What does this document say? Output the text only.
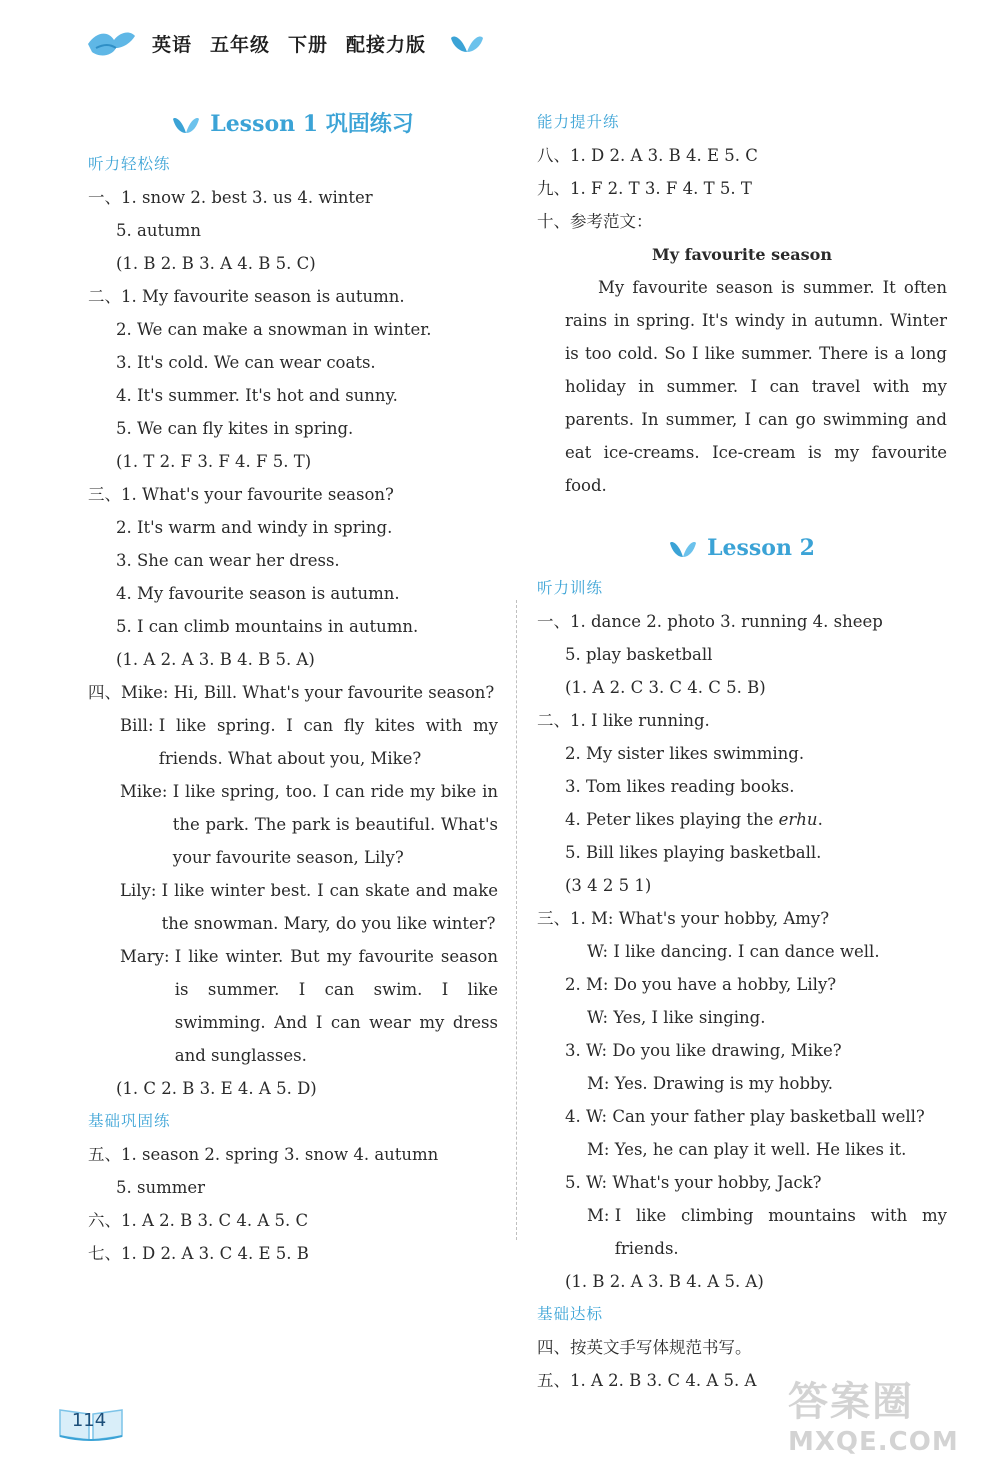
英语 五年级 下册 配接力版
Lesson 1 巩固练习
听力轻松练
一、1. snow 2. best 3. us 4. winter
5. autumn
(1. B 2. B 3. A 4. B 5. C)
二、1. My favourite season is autumn.
2. We can make a snowman in winter.
3. It's cold. We can wear coats.
4. It's summer. It's hot and sunny.
5. We can fly kites in spring.
(1. T 2. F 3. F 4. F 5. T)
三、1. What's your favourite season?
2. It's warm and windy in spring.
3. She can wear her dress.
4. My favourite season is autumn.
5. I can climb mountains in autumn.
(1. A 2. A 3. B 4. B 5. A)
四、Mike: Hi, Bill. What's your favourite season?
Bill: I like spring. I can fly kites with my friends. What about you, Mike?
Mike: I like spring, too. I can ride my bike in the park. The park is beautiful. What's your favourite season, Lily?
Lily: I like winter best. I can skate and make the snowman. Mary, do you like winter?
Mary: I like winter. But my favourite season is summer. I can swim. I like swimming. And I can wear my dress and sunglasses.
(1. C 2. B 3. E 4. A 5. D)
基础巩固练
五、1. season 2. spring 3. snow 4. autumn
5. summer
六、1. A 2. B 3. C 4. A 5. C
七、1. D 2. A 3. C 4. E 5. B
能力提升练
八、1. D 2. A 3. B 4. E 5. C
九、1. F 2. T 3. F 4. T 5. T
十、参考范文：
My favourite season

My favourite season is summer. It often rains in spring. It's windy in autumn. Winter is too cold. So I like summer. There is a long holiday in summer. I can travel with my parents. In summer, I can go swimming and eat ice-creams. Ice-cream is my favourite food.

Lesson 2
听力训练
一、1. dance 2. photo 3. running 4. sheep
5. play basketball
(1. A 2. C 3. C 4. C 5. B)
二、1. I like running.
2. My sister likes swimming.
3. Tom likes reading books.
4. Peter likes playing the erhu.
5. Bill likes playing basketball.
(3 4 2 5 1)
三、1. M: What's your hobby, Amy?
W: I like dancing. I can dance well.
2. M: Do you have a hobby, Lily?
W: Yes, I like singing.
3. W: Do you like drawing, Mike?
M: Yes. Drawing is my hobby.
4. W: Can your father play basketball well?
M: Yes, he can play it well. He likes it.
5. W: What's your hobby, Jack?
M: I like climbing mountains with my friends.
(1. B 2. A 3. B 4. A 5. A)
基础达标
四、按英文手写体规范书写。
五、1. A 2. B 3. C 4. A 5. A
114	答案圈
MXQE.COM
